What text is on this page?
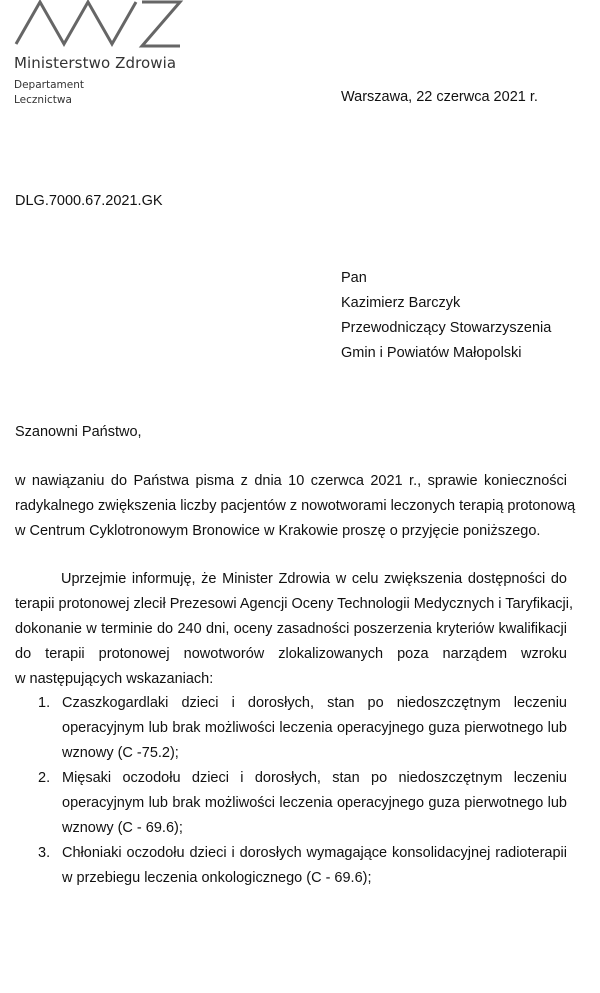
Ministerstwo Zdrowia
Departament
Lecznictwa	Warszawa, 22 czerwca 2021 r.
DLG.7000.67.2021.GK
Pan
Kazimierz Barczyk
Przewodniczący Stowarzyszenia
Gmin i Powiatów Małopolski
Szanowni Państwo,
w nawiązaniu do Państwa pisma z dnia 10 czerwca 2021 r., sprawie konieczności
radykalnego zwiększenia liczby pacjentów z nowotworami leczonych terapią protonową
w Centrum Cyklotronowym Bronowice w Krakowie proszę o przyjęcie poniższego.
Uprzejmie informuję, że Minister Zdrowia w celu zwiększenia dostępności do
terapii protonowej zlecił Prezesowi Agencji Oceny Technologii Medycznych i Taryfikacji,
dokonanie w terminie do 240 dni, oceny zasadności poszerzenia kryteriów kwalifikacji
do terapii protonowej nowotworów zlokalizowanych poza narządem wzroku
w następujących wskazaniach:
1. Czaszkogardlaki dzieci i dorosłych, stan po niedoszczętnym leczeniu
operacyjnym lub brak możliwości leczenia operacyjnego guza pierwotnego lub
wznowy (C -75.2);
2. Mięsaki oczodołu dzieci i dorosłych, stan po niedoszczętnym leczeniu
operacyjnym lub brak możliwości leczenia operacyjnego guza pierwotnego lub
wznowy (C - 69.6);
3. Chłoniaki oczodołu dzieci i dorosłych wymagające konsolidacyjnej radioterapii
w przebiegu leczenia onkologicznego (C - 69.6);
